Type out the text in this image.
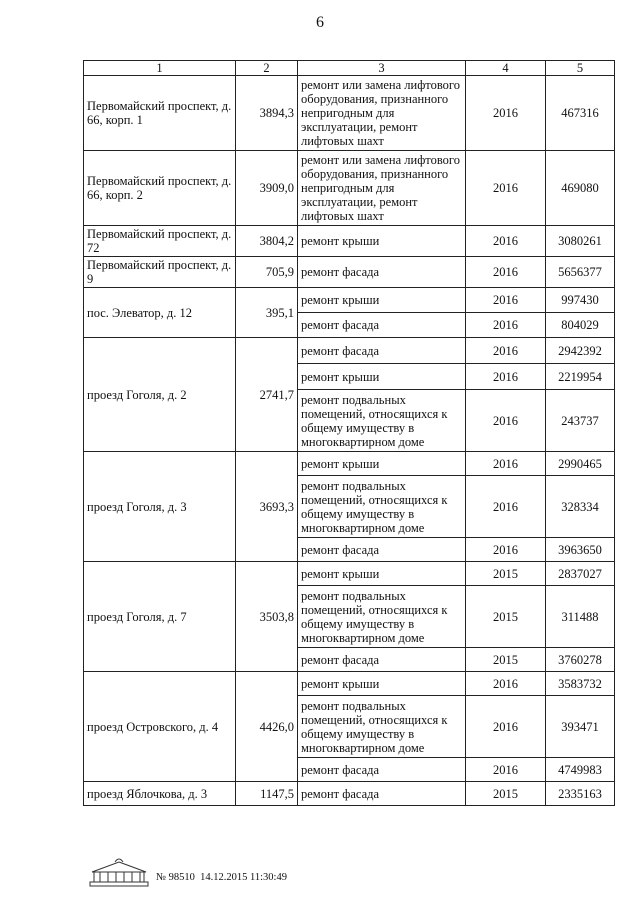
6
1	2	3	4	5
Первомайский проспект, д. 66, корп. 1	3894,3	ремонт или замена лифтового оборудования, признанного непригодным для эксплуатации, ремонт лифтовых шахт	2016	467316
Первомайский проспект, д. 66, корп. 2	3909,0	ремонт или замена лифтового оборудования, признанного непригодным для эксплуатации, ремонт лифтовых шахт	2016	469080
Первомайский проспект, д. 72	3804,2	ремонт крыши	2016	3080261
Первомайский проспект, д. 9	705,9	ремонт фасада	2016	5656377
пос. Элеватор, д. 12	395,1	ремонт крыши	2016	997430
		ремонт фасада	2016	804029
проезд Гоголя, д. 2	2741,7	ремонт фасада	2016	2942392
		ремонт крыши	2016	2219954
		ремонт подвальных помещений, относящихся к общему имуществу в многоквартирном доме	2016	243737
проезд Гоголя, д. 3	3693,3	ремонт крыши	2016	2990465
		ремонт подвальных помещений, относящихся к общему имуществу в многоквартирном доме	2016	328334
		ремонт фасада	2016	3963650
проезд Гоголя, д. 7	3503,8	ремонт крыши	2015	2837027
		ремонт подвальных помещений, относящихся к общему имуществу в многоквартирном доме	2015	311488
		ремонт фасада	2015	3760278
проезд Островского, д. 4	4426,0	ремонт крыши	2016	3583732
		ремонт подвальных помещений, относящихся к общему имуществу в многоквартирном доме	2016	393471
		ремонт фасада	2016	4749983
проезд Яблочкова, д. 3	1147,5	ремонт фасада	2015	2335163
№ 98510 14.12.2015 11:30:49
